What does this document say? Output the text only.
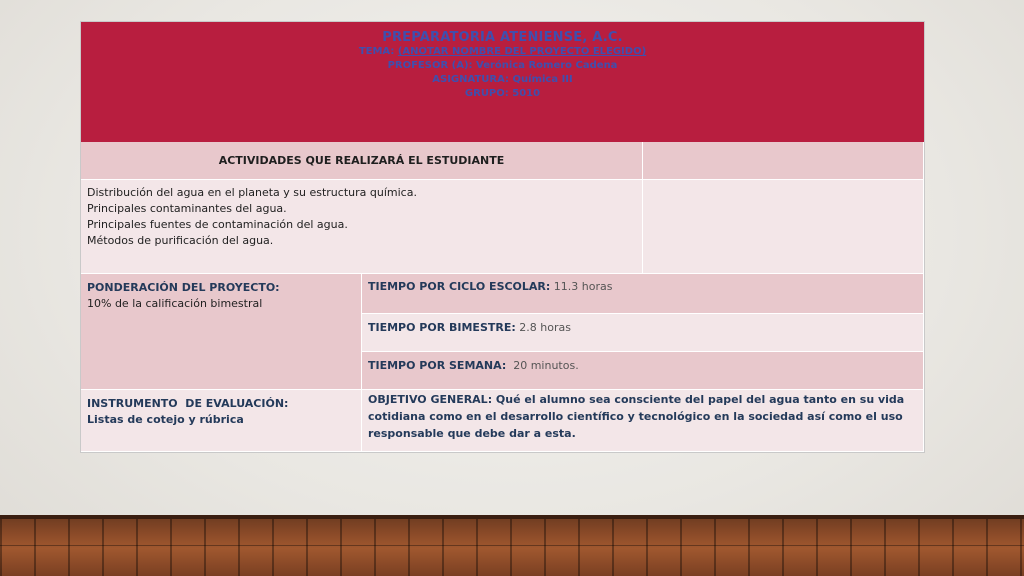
PREPARATORIA ATENIENSE, A.C.
TEMA: (ANOTAR NOMBRE DEL PROYECTO ELEGIDO)
PROFESOR (A): Verónica Romero Cadena
ASIGNATURA: Química III
GRUPO: 5010
ACTIVIDADES QUE REALIZARÁ EL ESTUDIANTE
Distribución del agua en el planeta y su estructura química.
Principales contaminantes del agua.
Principales fuentes de contaminación del agua.
Métodos de purificación del agua.
PONDERACIÓN DEL PROYECTO:
10% de la calificación bimestral
TIEMPO POR CICLO ESCOLAR: 11.3 horas
TIEMPO POR BIMESTRE: 2.8 horas
TIEMPO POR SEMANA:  20 minutos.
INSTRUMENTO  DE EVALUACIÓN:
Listas de cotejo y rúbrica
OBJETIVO GENERAL: Qué el alumno sea consciente del papel del agua tanto en su vida cotidiana como en el desarrollo científico y tecnológico en la sociedad así como el uso responsable que debe dar a esta.
